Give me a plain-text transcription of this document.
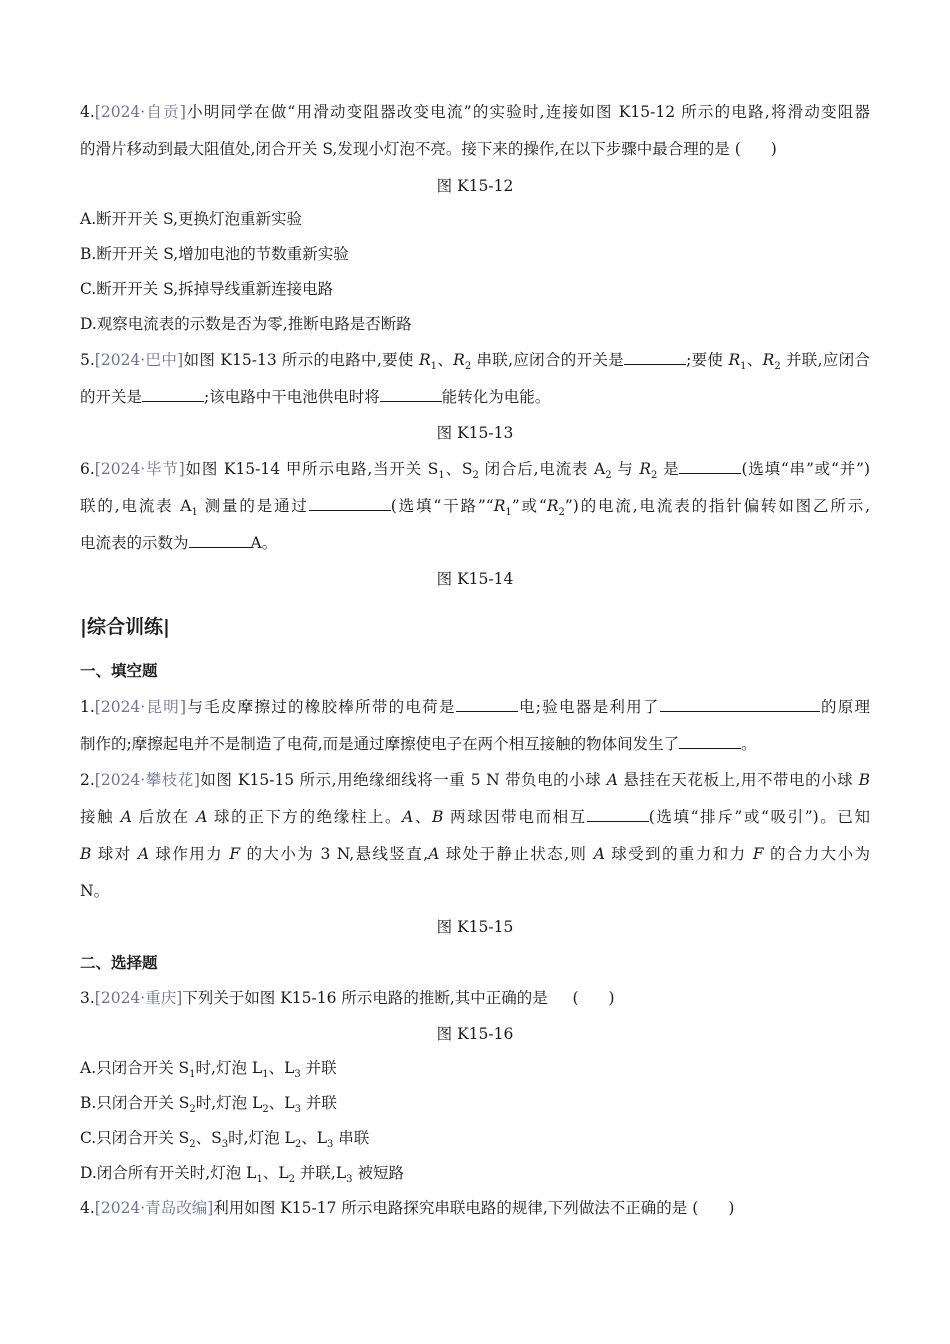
4.[2024·自贡]小明同学在做“用滑动变阻器改变电流”的实验时,连接如图 K15-12 所示的电路,将滑动变阻器
的滑片移动到最大阻值处,闭合开关 S,发现小灯泡不亮。接下来的操作,在以下步骤中最合理的是 ( )
图 K15-12
A.断开开关 S,更换灯泡重新实验
B.断开开关 S,增加电池的节数重新实验
C.断开开关 S,拆掉导线重新连接电路
D.观察电流表的示数是否为零,推断电路是否断路
5.[2024·巴中]如图 K15-13 所示的电路中,要使 $R_1$、$R_2$ 串联,应闭合的开关是	;要使 $R_1$、$R_2$ 并联,应闭合
的开关是	;该电路中干电池供电时将	能转化为电能。
图 K15-13
6.[2024·毕节]如图 K15-14 甲所示电路,当开关 $S_1$、$S_2$ 闭合后,电流表 $A_2$ 与 $R_2$ 是	(选填“串”或“并”)
联的,电流表 $A_1$ 测量的是通过	(选填“干路$”“R_1$”或“$R_2$”)的电流,电流表的指针偏转如图乙所示,
电流表的示数为	A。
图 K15-14
|综合训练|
一、填空题
1.[2024·昆明]与毛皮摩擦过的橡胶棒所带的电荷是	电;验电器是利用了	的原理
制作的;摩擦起电并不是制造了电荷,而是通过摩擦使电子在两个相互接触的物体间发生了	。
2.[2024·攀枝花]如图 K15-15 所示,用绝缘细线将一重 5 N 带负电的小球 A 悬挂在天花板上,用不带电的小球 B
接触 A 后放在 A 球的正下方的绝缘柱上。A、B 两球因带电而相互	(选填“排斥”或“吸引”)。已知
B 球对 A 球作用力 F 的大小为 3 N,悬线竖直,A 球处于静止状态,则 A 球受到的重力和力 F 的合力大小为
N。
图 K15-15
二、选择题
3.[2024·重庆]下列关于如图 K15-16 所示电路的推断,其中正确的是 ( )
图 K15-16
A.只闭合开关 $S_1$时,灯泡 $L_1$、$L_3$ 并联
B.只闭合开关 $S_2$时,灯泡 $L_2$、$L_3$ 并联
C.只闭合开关 $S_2$、$S_3$时,灯泡 $L_2$、$L_3$ 串联
D.闭合所有开关时,灯泡 $L_1$、$L_2$ 并联$,L_3$ 被短路
4.[2024·青岛改编]利用如图 K15-17 所示电路探究串联电路的规律,下列做法不正确的是 ( )
